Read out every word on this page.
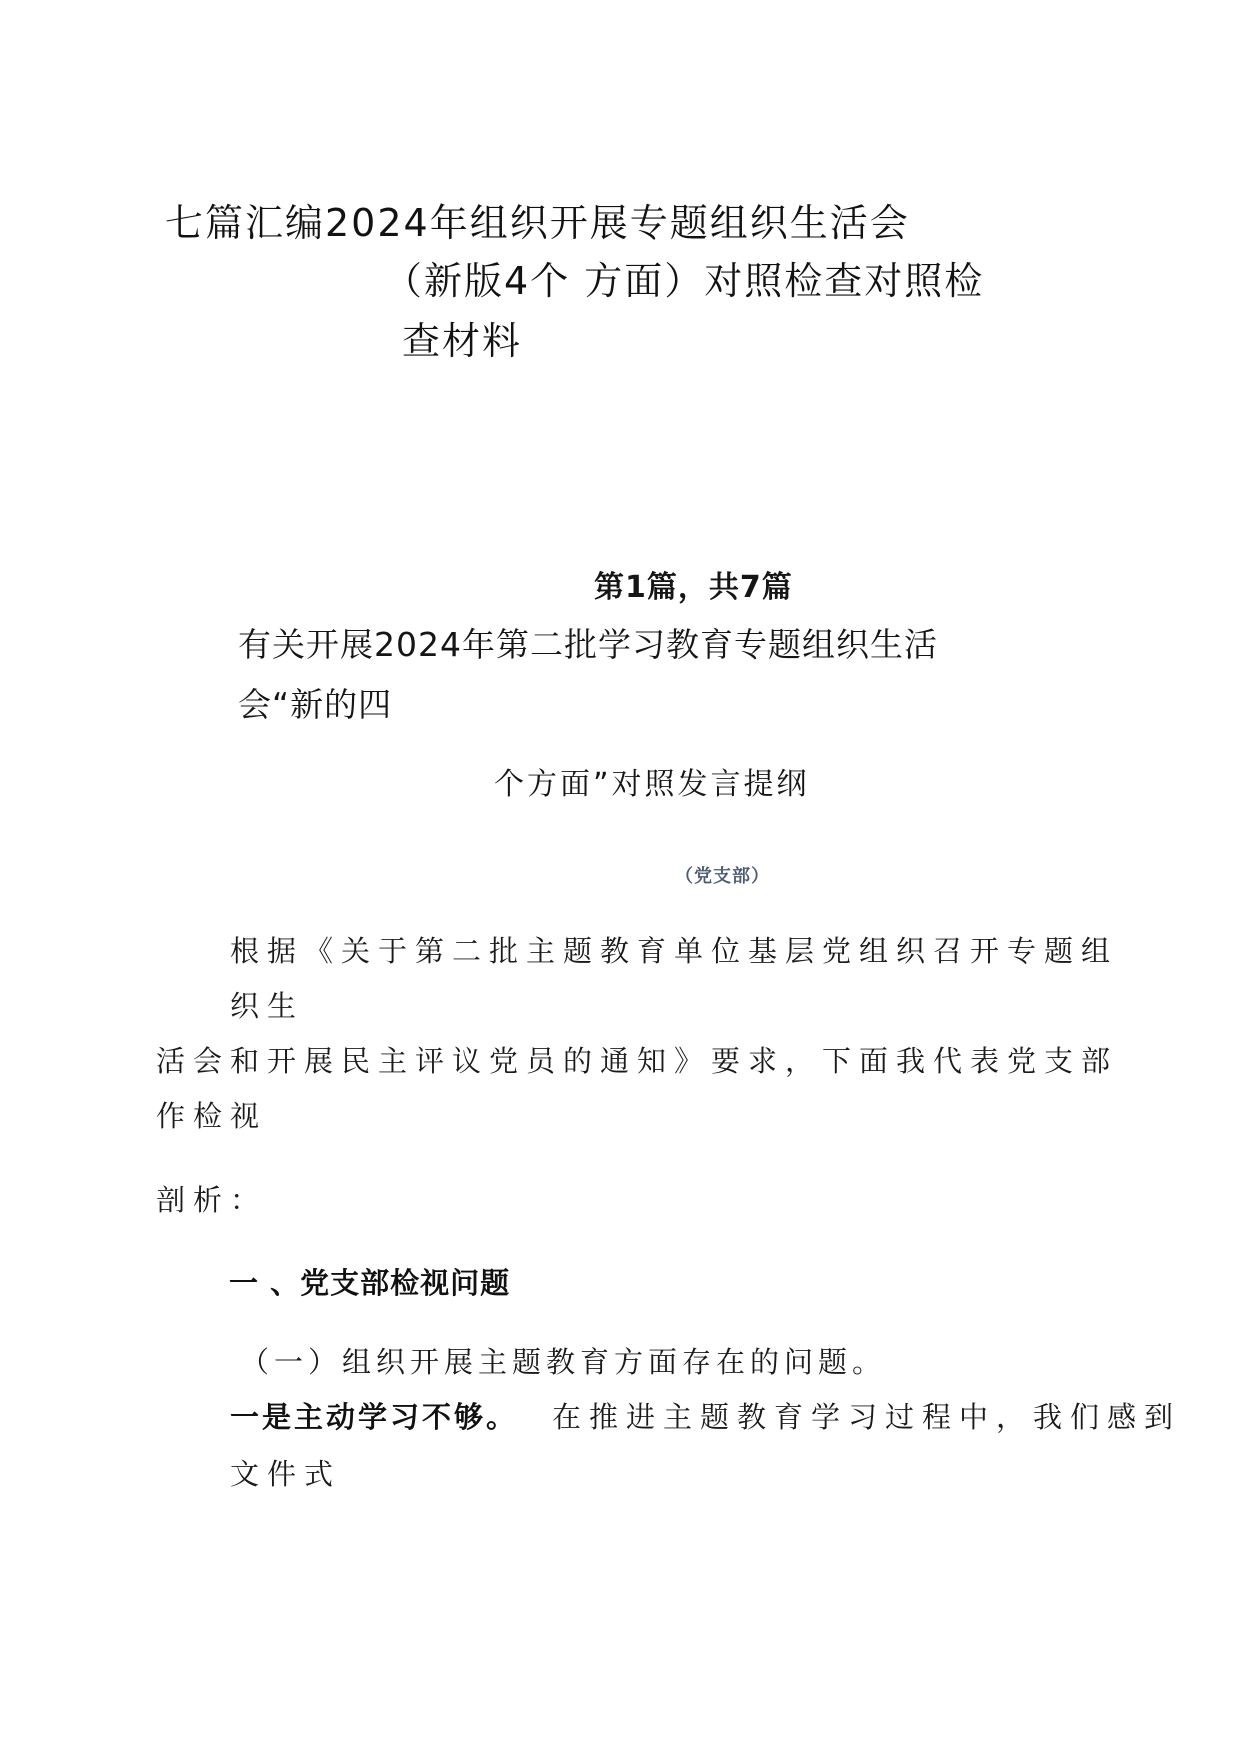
七篇汇编2024年组织开展专题组织生活会
（新版4个 方面）对照检查对照检
查材料
第1篇，共7篇
有关开展2024年第二批学习教育专题组织生活
会“新的四
个方面”对照发言提纲
（党支部）
根据《关于第二批主题教育单位基层党组织召开专题组
织生
活会和开展民主评议党员的通知》要求，下面我代表党支部
作检视
剖析：
一 、党支部检视问题
（一）组织开展主题教育方面存在的问题。
一是主动学习不够。 在推进主题教育学习过程中，我们感到
文件式
